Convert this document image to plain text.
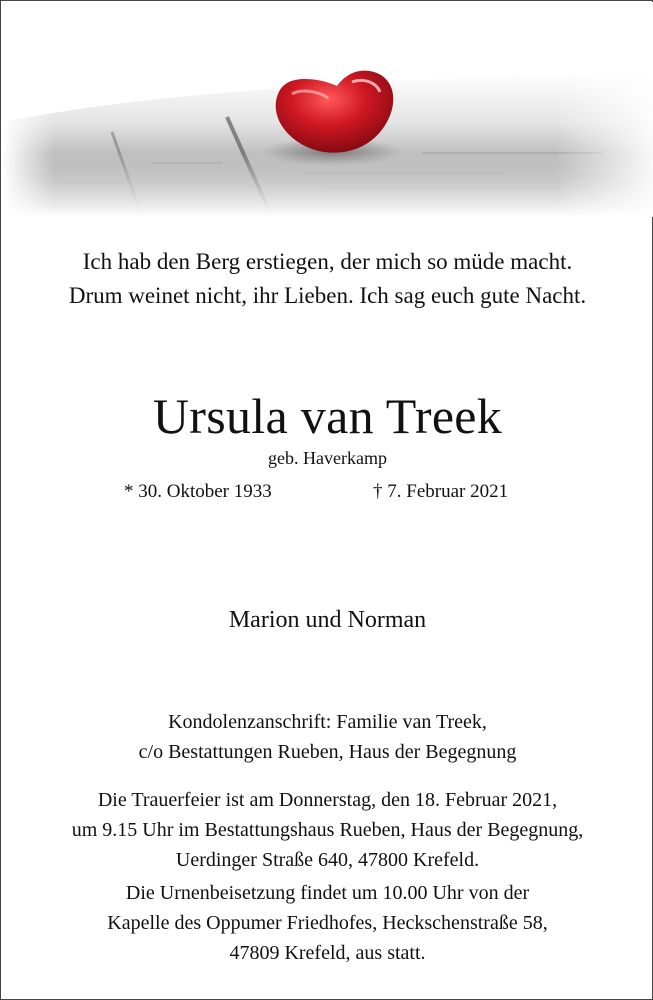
Ich hab den Berg erstiegen, der mich so müde macht.
Drum weinet nicht, ihr Lieben. Ich sag euch gute Nacht.
Ursula van Treek
geb. Haverkamp
* 30. Oktober 1933	† 7. Februar 2021
Marion und Norman
Kondolenzanschrift: Familie van Treek,
c/o Bestattungen Rueben, Haus der Begegnung
Die Trauerfeier ist am Donnerstag, den 18. Februar 2021,
um 9.15 Uhr im Bestattungshaus Rueben, Haus der Begegnung,
Uerdinger Straße 640, 47800 Krefeld.
Die Urnenbeisetzung findet um 10.00 Uhr von der
Kapelle des Oppumer Friedhofes, Heckschenstraße 58,
47809 Krefeld, aus statt.
